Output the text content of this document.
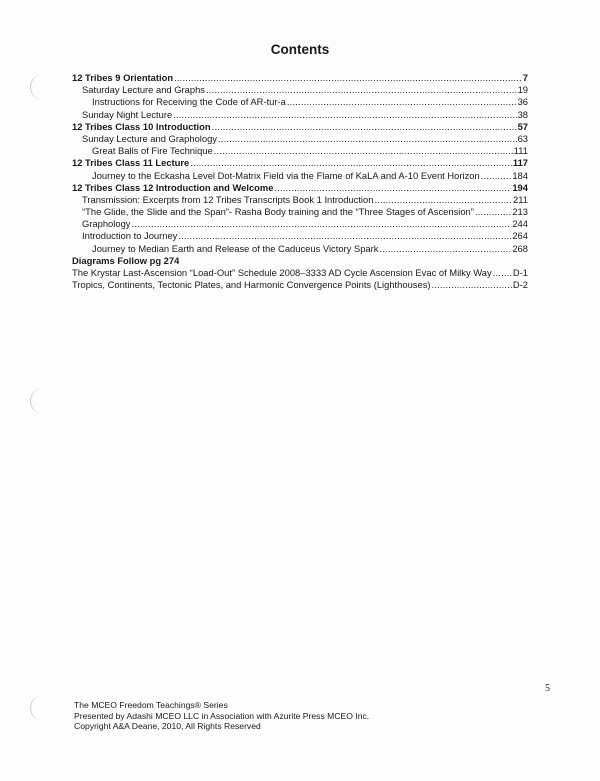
Contents
12 Tribes 9 Orientation .....	7
Saturday Lecture and Graphs .....	19
Instructions for Receiving the Code of AR-tur-a .....	36
Sunday Night Lecture .....	38
12 Tribes Class 10 Introduction .....	57
Sunday Lecture and Graphology .....	63
Great Balls of Fire Technique .....	111
12 Tribes Class 11 Lecture .....	117
Journey to the Eckasha Level Dot-Matrix Field via the Flame of KaLA and A-10 Event Horizon .....	184
12 Tribes Class 12 Introduction and Welcome .....	194
Transmission: Excerpts from 12 Tribes Transcripts Book 1 Introduction .....	211
“The Glide, the Slide and the Span”- Rasha Body training and the “Three Stages of Ascension” .....	213
Graphology .....	244
Introduction to Journey .....	264
Journey to Median Earth and Release of the Caduceus Victory Spark .....	268
Diagrams Follow pg 274
The Krystar Last-Ascension “Load-Out” Schedule 2008–3333 AD Cycle Ascension Evac of Milky Way ..... D-1
Tropics, Continents, Tectonic Plates, and Harmonic Convergence Points (Lighthouses) .....	D-2
5
The MCEO Freedom Teachings® Series
Presented by Adashi MCEO LLC in Association with Azurite Press MCEO Inc.
Copyright A&A Deane, 2010, All Rights Reserved
